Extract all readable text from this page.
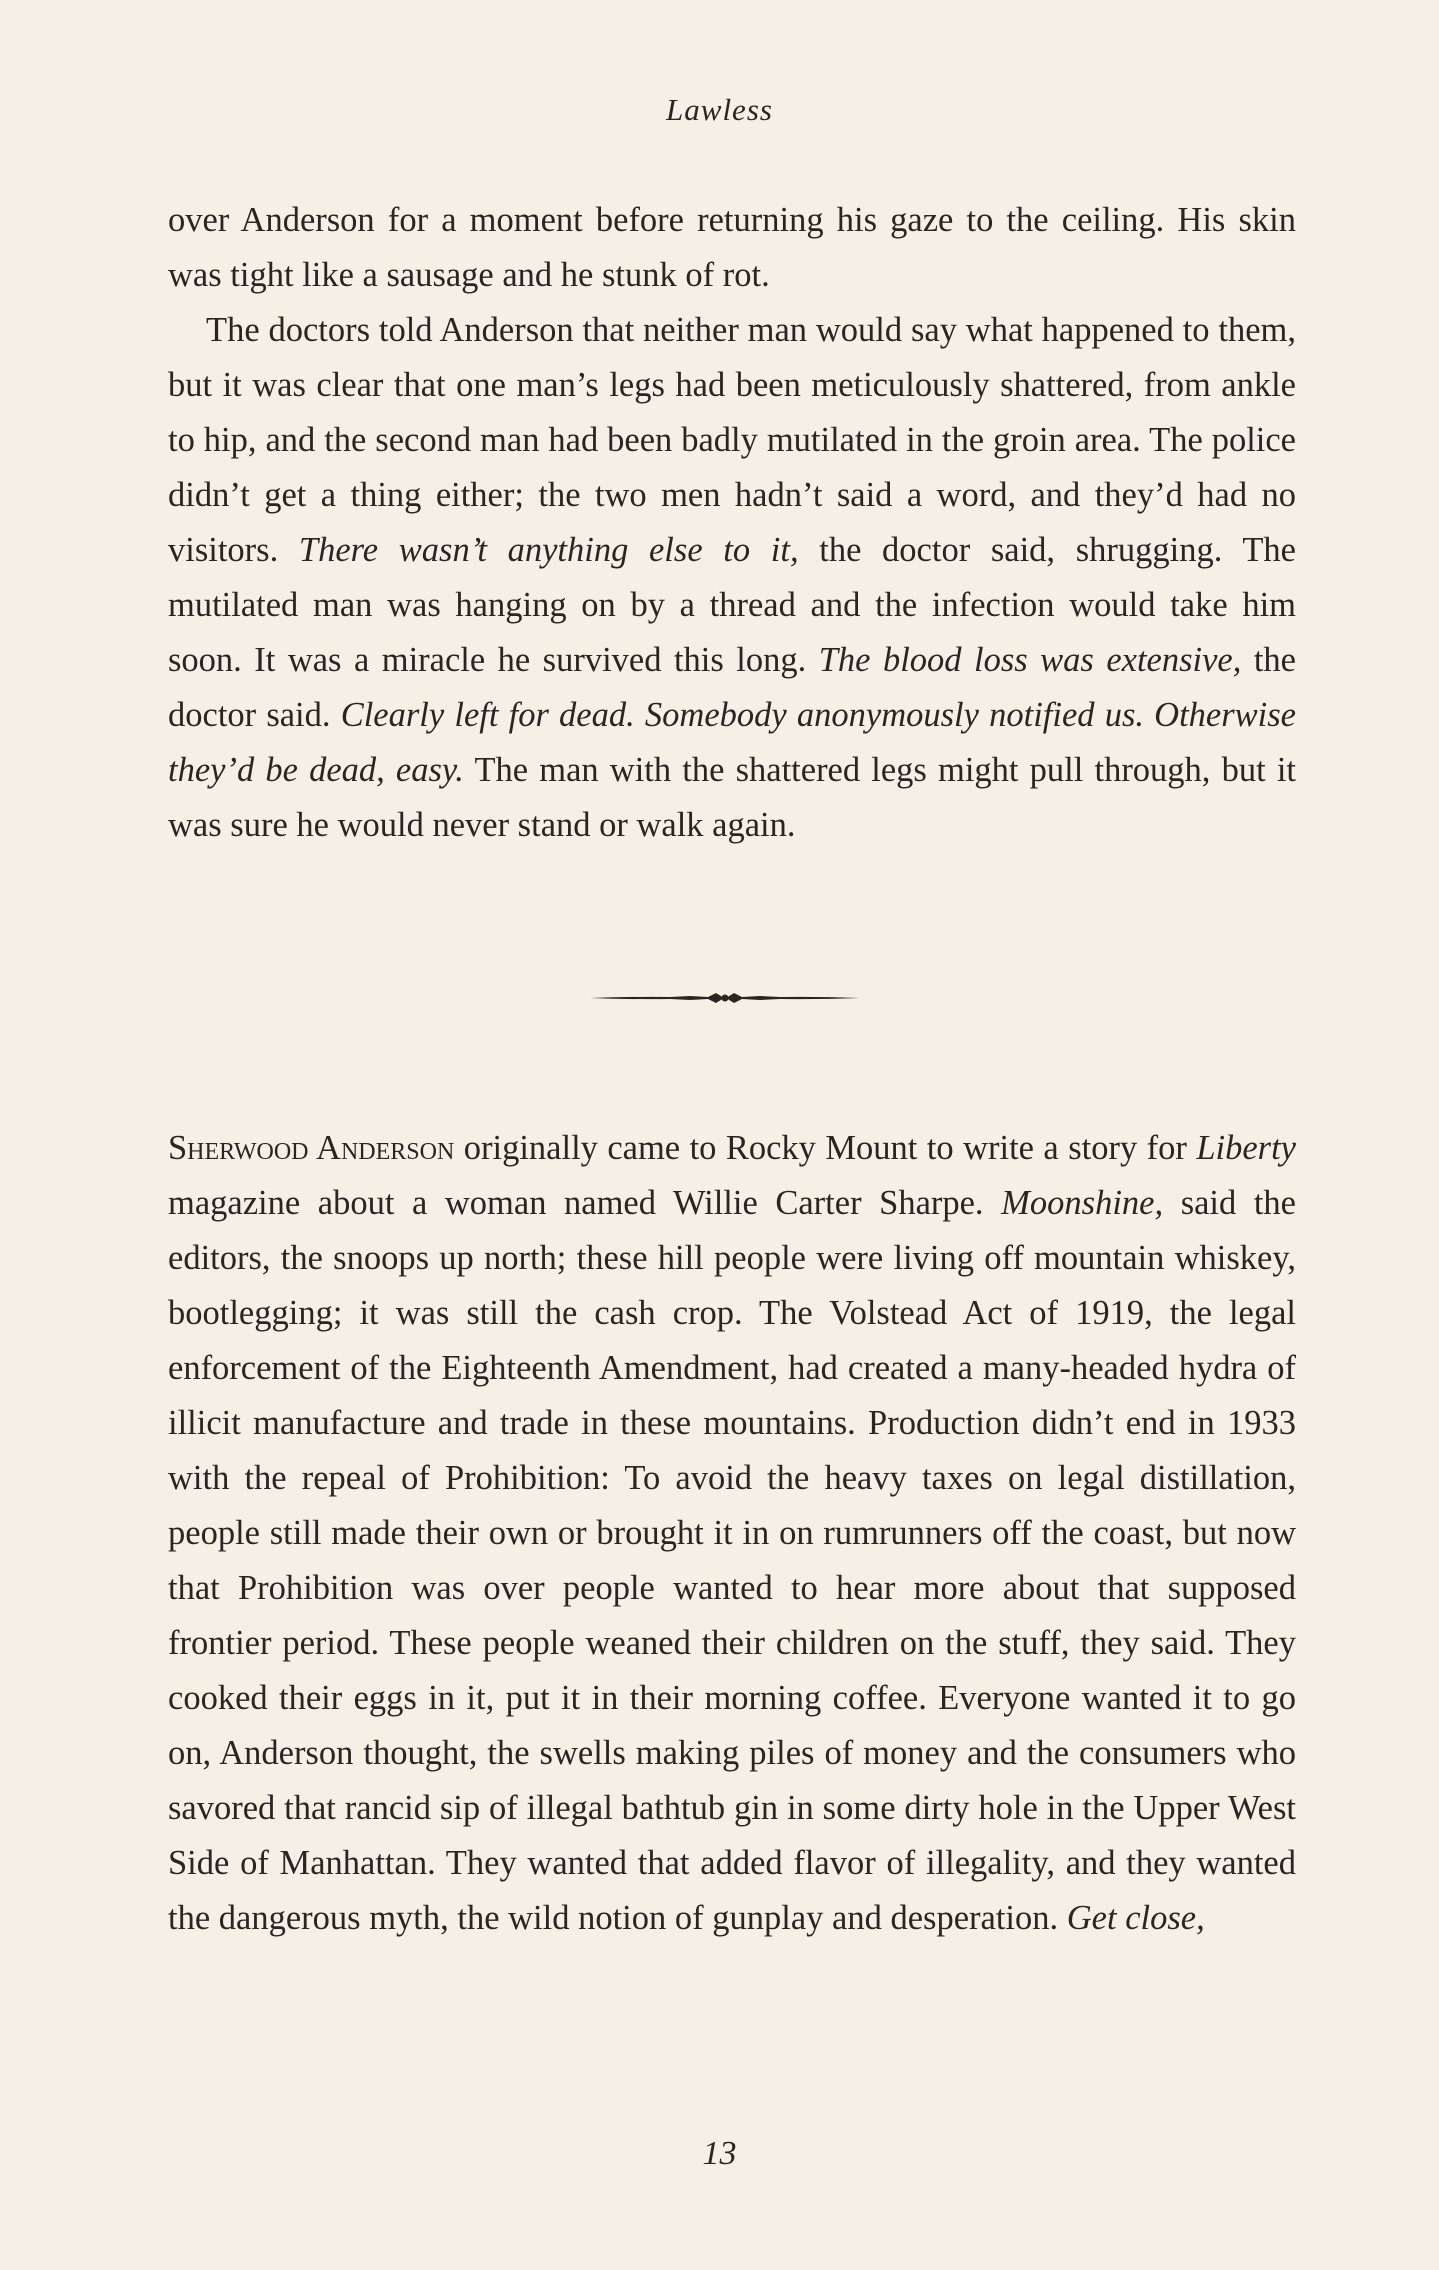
Lawless

over Anderson for a moment before returning his gaze to the ceiling. His skin was tight like a sausage and he stunk of rot.

The doctors told Anderson that neither man would say what happened to them, but it was clear that one man’s legs had been meticulously shattered, from ankle to hip, and the second man had been badly mutilated in the groin area. The police didn’t get a thing either; the two men hadn’t said a word, and they’d had no visitors. There wasn’t anything else to it, the doctor said, shrugging. The mutilated man was hanging on by a thread and the infection would take him soon. It was a miracle he survived this long. The blood loss was extensive, the doctor said. Clearly left for dead. Somebody anonymously notified us. Otherwise they’d be dead, easy. The man with the shattered legs might pull through, but it was sure he would never stand or walk again.

Sherwood Anderson originally came to Rocky Mount to write a story for Liberty magazine about a woman named Willie Carter Sharpe. Moonshine, said the editors, the snoops up north; these hill people were living off mountain whiskey, bootlegging; it was still the cash crop. The Volstead Act of 1919, the legal enforcement of the Eighteenth Amendment, had created a many-headed hydra of illicit manufacture and trade in these mountains. Production didn’t end in 1933 with the repeal of Prohibition: To avoid the heavy taxes on legal distillation, people still made their own or brought it in on rumrunners off the coast, but now that Prohibition was over people wanted to hear more about that supposed frontier period. These people weaned their children on the stuff, they said. They cooked their eggs in it, put it in their morning coffee. Everyone wanted it to go on, Anderson thought, the swells making piles of money and the consumers who savored that rancid sip of illegal bathtub gin in some dirty hole in the Upper West Side of Manhattan. They wanted that added flavor of illegality, and they wanted the dangerous myth, the wild notion of gunplay and desperation. Get close,

13
